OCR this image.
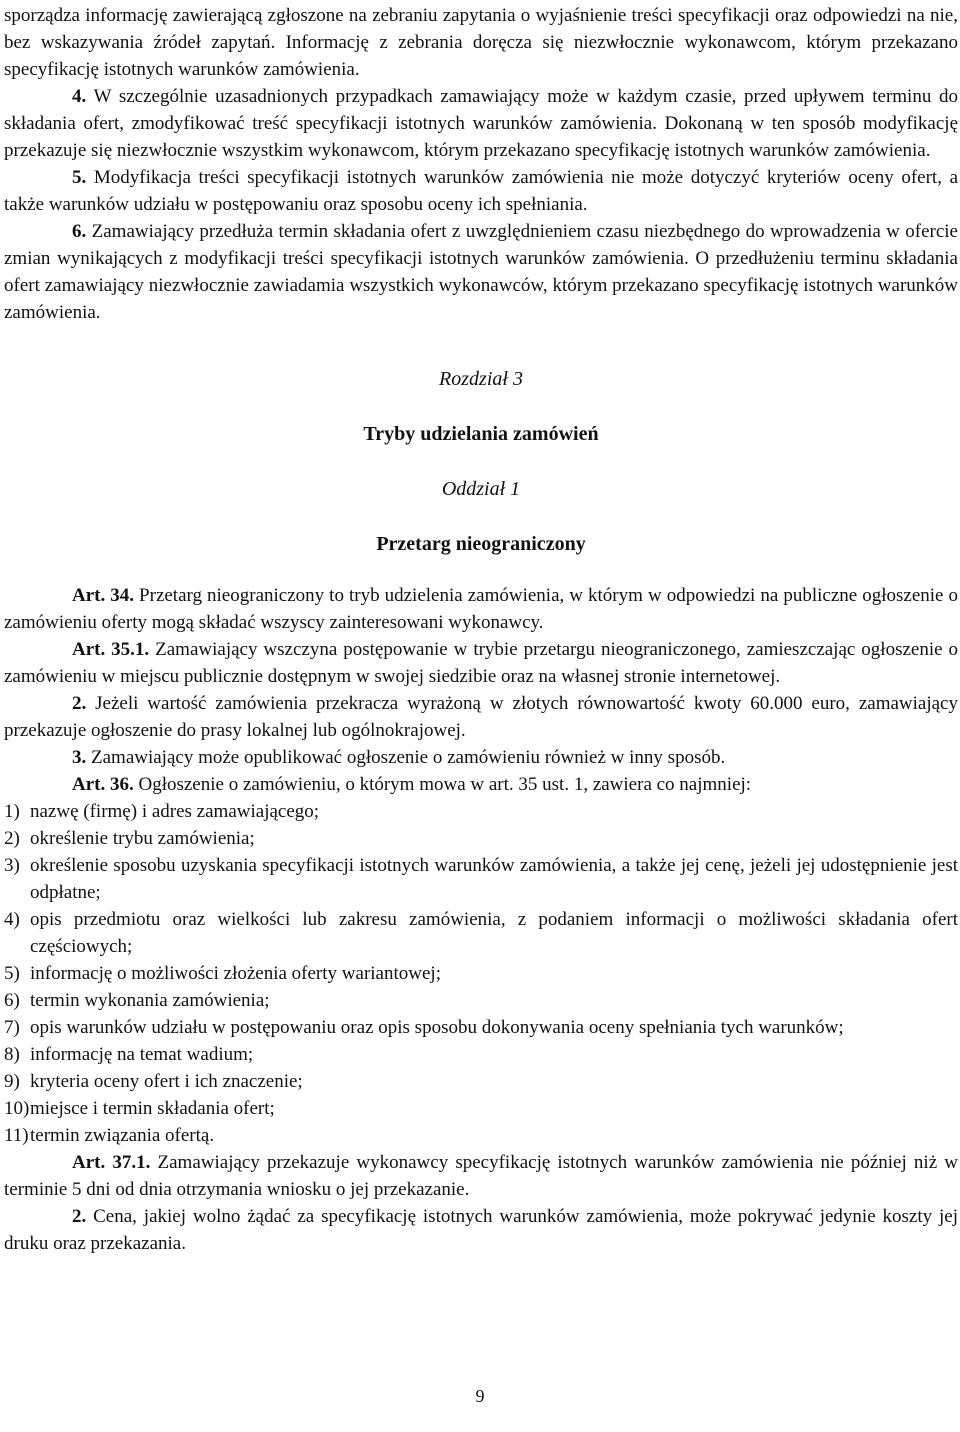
sporządza informację zawierającą zgłoszone na zebraniu zapytania o wyjaśnienie treści specyfikacji oraz odpowiedzi na nie, bez wskazywania źródeł zapytań. Informację z zebrania doręcza się niezwłocznie wykonawcom, którym przekazano specyfikację istotnych warunków zamówienia.

4. W szczególnie uzasadnionych przypadkach zamawiający może w każdym czasie, przed upływem terminu do składania ofert, zmodyfikować treść specyfikacji istotnych warunków zamówienia. Dokonaną w ten sposób modyfikację przekazuje się niezwłocznie wszystkim wykonawcom, którym przekazano specyfikację istotnych warunków zamówienia.

5. Modyfikacja treści specyfikacji istotnych warunków zamówienia nie może dotyczyć kryteriów oceny ofert, a także warunków udziału w postępowaniu oraz sposobu oceny ich spełniania.

6. Zamawiający przedłuża termin składania ofert z uwzględnieniem czasu niezbędnego do wprowadzenia w ofercie zmian wynikających z modyfikacji treści specyfikacji istotnych warunków zamówienia. O przedłużeniu terminu składania ofert zamawiający niezwłocznie zawiadamia wszystkich wykonawców, którym przekazano specyfikację istotnych warunków zamówienia.

Rozdział 3

Tryby udzielania zamówień

Oddział 1

Przetarg nieograniczony

Art. 34. Przetarg nieograniczony to tryb udzielenia zamówienia, w którym w odpowiedzi na publiczne ogłoszenie o zamówieniu oferty mogą składać wszyscy zainteresowani wykonawcy.

Art. 35.1. Zamawiający wszczyna postępowanie w trybie przetargu nieograniczonego, zamieszczając ogłoszenie o zamówieniu w miejscu publicznie dostępnym w swojej siedzibie oraz na własnej stronie internetowej.

2. Jeżeli wartość zamówienia przekracza wyrażoną w złotych równowartość kwoty 60.000 euro, zamawiający przekazuje ogłoszenie do prasy lokalnej lub ogólnokrajowej.

3. Zamawiający może opublikować ogłoszenie o zamówieniu również w inny sposób.

Art. 36. Ogłoszenie o zamówieniu, o którym mowa w art. 35 ust. 1, zawiera co najmniej:

1) nazwę (firmę) i adres zamawiającego;
2) określenie trybu zamówienia;
3) określenie sposobu uzyskania specyfikacji istotnych warunków zamówienia, a także jej cenę, jeżeli jej udostępnienie jest odpłatne;
4) opis przedmiotu oraz wielkości lub zakresu zamówienia, z podaniem informacji o możliwości składania ofert częściowych;
5) informację o możliwości złożenia oferty wariantowej;
6) termin wykonania zamówienia;
7) opis warunków udziału w postępowaniu oraz opis sposobu dokonywania oceny spełniania tych warunków;
8) informację na temat wadium;
9) kryteria oceny ofert i ich znaczenie;
10) miejsce i termin składania ofert;
11) termin związania ofertą.

Art. 37.1. Zamawiający przekazuje wykonawcy specyfikację istotnych warunków zamówienia nie później niż w terminie 5 dni od dnia otrzymania wniosku o jej przekazanie.

2. Cena, jakiej wolno żądać za specyfikację istotnych warunków zamówienia, może pokrywać jedynie koszty jej druku oraz przekazania.

9
